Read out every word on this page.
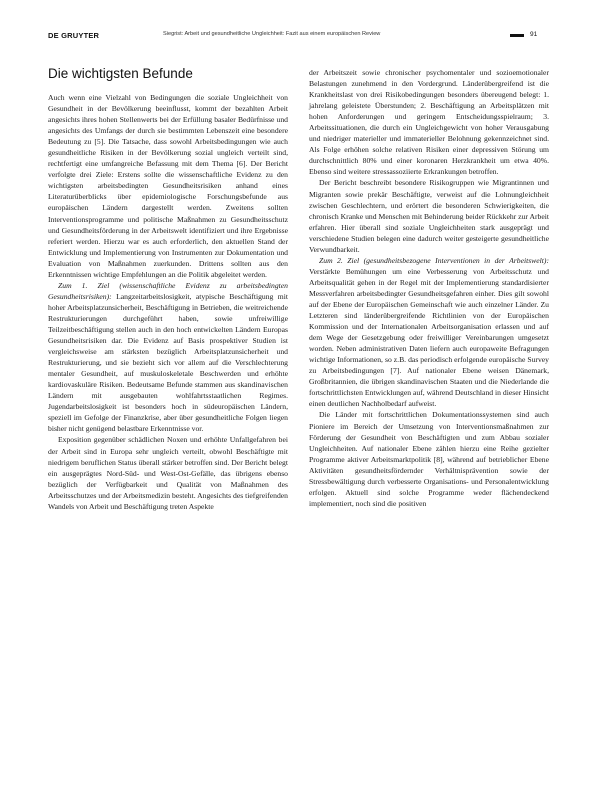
DE GRUYTER	Siegrist: Arbeit und gesundheitliche Ungleichheit: Fazit aus einem europäischen Review	91
Die wichtigsten Befunde

Auch wenn eine Vielzahl von Bedingungen die soziale Ungleichheit von Gesundheit in der Bevölkerung beeinflusst, kommt der bezahlten Arbeit angesichts ihres hohen Stellenwerts bei der Erfüllung basaler Bedürfnisse und angesichts des Umfangs der durch sie bestimmten Lebenszeit eine besondere Bedeutung zu [5]. Die Tatsache, dass sowohl Arbeitsbedingungen wie auch gesundheitliche Risiken in der Bevölkerung sozial ungleich verteilt sind, rechtfertigt eine umfangreiche Befassung mit dem Thema [6]. Der Bericht verfolgte drei Ziele: Erstens sollte die wissenschaftliche Evidenz zu den wichtigsten arbeitsbedingten Gesundheitsrisiken anhand eines Literaturüberblicks über epidemiologische Forschungsbefunde aus europäischen Ländern dargestellt werden. Zweitens sollten Interventionsprogramme und politische Maßnahmen zu Gesundheitsschutz und Gesundheitsförderung in der Arbeitswelt identifiziert und ihre Ergebnisse referiert werden. Hierzu war es auch erforderlich, den aktuellen Stand der Entwicklung und Implementierung von Instrumenten zur Dokumentation und Evaluation von Maßnahmen zuerkunden. Drittens sollten aus den Erkenntnissen wichtige Empfehlungen an die Politik abgeleitet werden.

Zum 1. Ziel (wissenschaftliche Evidenz zu arbeitsbedingten Gesundheitsrisiken): Langzeitarbeitslosigkeit, atypische Beschäftigung mit hoher Arbeitsplatzunsicherheit, Beschäftigung in Betrieben, die weitreichende Restrukturierungen durchgeführt haben, sowie unfreiwillige Teilzeitbeschäftigung stellen auch in den hoch entwickelten Ländern Europas Gesundheitsrisiken dar. Die Evidenz auf Basis prospektiver Studien ist vergleichsweise am stärksten bezüglich Arbeitsplatzunsicherheit und Restrukturierung, und sie bezieht sich vor allem auf die Verschlechterung mentaler Gesundheit, auf muskuloskeletale Beschwerden und erhöhte kardiovaskuläre Risiken. Bedeutsame Befunde stammen aus skandinavischen Ländern mit ausgebauten wohlfahrtsstaatlichen Regimes. Jugendarbeitslosigkeit ist besonders hoch in südeuropäischen Ländern, speziell im Gefolge der Finanzkrise, aber über gesundheitliche Folgen liegen bisher nicht genügend belastbare Erkenntnisse vor.

Exposition gegenüber schädlichen Noxen und erhöhte Unfallgefahren bei der Arbeit sind in Europa sehr ungleich verteilt, obwohl Beschäftigte mit niedrigem beruflichen Status überall stärker betroffen sind. Der Bericht belegt ein ausgeprägtes Nord-Süd- und West-Ost-Gefälle, das übrigens ebenso bezüglich der Verfügbarkeit und Qualität von Maßnahmen des Arbeitsschutzes und der Arbeitsmedizin besteht. Angesichts des tiefgreifenden Wandels von Arbeit und Beschäftigung treten Aspekte

der Arbeitszeit sowie chronischer psychomentaler und sozioemotionaler Belastungen zunehmend in den Vordergrund. Länderübergreifend ist die Krankheitslast von drei Risikobedingungen besonders übereugend belegt: 1. jahrelang geleistete Überstunden; 2. Beschäftigung an Arbeitsplätzen mit hohen Anforderungen und geringem Entscheidungsspielraum; 3. Arbeitssituationen, die durch ein Ungleichgewicht von hoher Verausgabung und niedriger materieller und immaterieller Belohnung gekennzeichnet sind. Als Folge erhöhen solche relativen Risiken einer depressiven Störung um durchschnittlich 80% und einer koronaren Herzkrankheit um etwa 40%. Ebenso sind weitere stressassoziierte Erkrankungen betroffen.

Der Bericht beschreibt besondere Risikogruppen wie Migrantinnen und Migranten sowie prekär Beschäftigte, verweist auf die Lohnungleichheit zwischen Geschlechtern, und erörtert die besonderen Schwierigkeiten, die chronisch Kranke und Menschen mit Behinderung beider Rückkehr zur Arbeit erfahren. Hier überall sind soziale Ungleichheiten stark ausgeprägt und verschiedene Studien belegen eine dadurch weiter gesteigerte gesundheitliche Verwundbarkeit.

Zum 2. Ziel (gesundheitsbezogene Interventionen in der Arbeitswelt): Verstärkte Bemühungen um eine Verbesserung von Arbeitsschutz und Arbeitsqualität gehen in der Regel mit der Implementierung standardisierter Messverfahren arbeitsbedingter Gesundheitsgefahren einher. Dies gilt sowohl auf der Ebene der Europäischen Gemeinschaft wie auch einzelner Länder. Zu Letzteren sind länderübergreifende Richtlinien von der Europäischen Kommission und der Internationalen Arbeitsorganisation erlassen und auf dem Wege der Gesetzgebung oder freiwilliger Vereinbarungen umgesetzt worden. Neben administrativen Daten liefern auch europaweite Befragungen wichtige Informationen, so z.B. das periodisch erfolgende europäische Survey zu Arbeitsbedingungen [7]. Auf nationaler Ebene weisen Dänemark, Großbritannien, die übrigen skandinavischen Staaten und die Niederlande die fortschrittlichsten Entwicklungen auf, während Deutschland in dieser Hinsicht einen deutlichen Nachholbedarf aufweist.

Die Länder mit fortschrittlichen Dokumentationssystemen sind auch Pioniere im Bereich der Umsetzung von Interventionsmaßnahmen zur Förderung der Gesundheit von Beschäftigten und zum Abbau sozialer Ungleichheiten. Auf nationaler Ebene zählen hierzu eine Reihe gezielter Programme aktiver Arbeitsmarktpolitik [8], während auf betrieblicher Ebene Aktivitäten gesundheitsfördernder Verhältnisprävention sowie der Stressbewältigung durch verbesserte Organisations- und Personalentwicklung erfolgen. Aktuell sind solche Programme weder flächendeckend implementiert, noch sind die positiven
